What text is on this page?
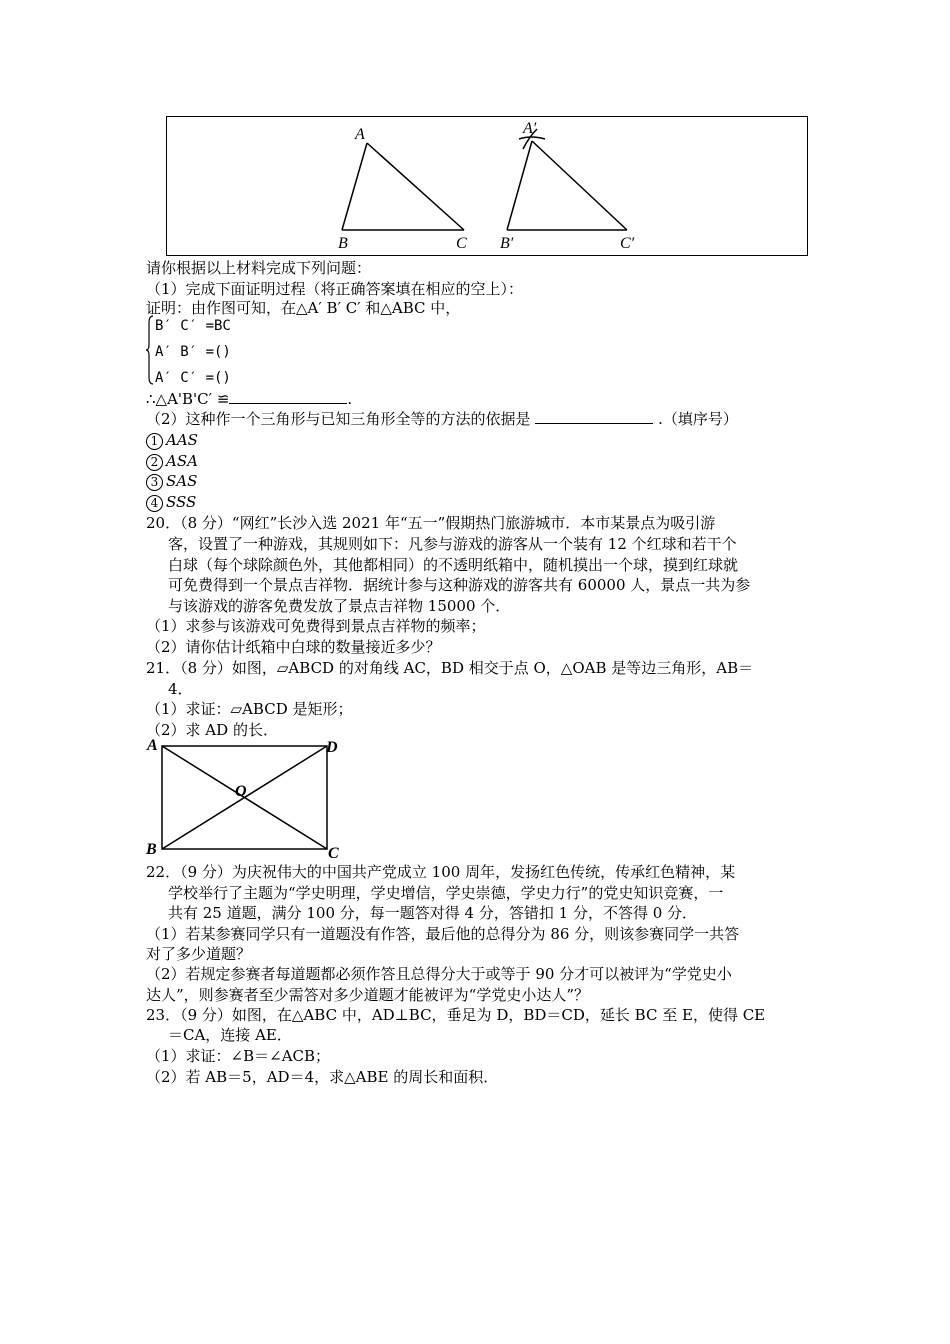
A
B	C
A′
B′	C′
请你根据以上材料完成下列问题：
（1）完成下面证明过程（将正确答案填在相应的空上）：
证明：由作图可知，在△A′ B′ C′ 和△ABC 中，
B′ C′ =BC
A′ B′ =()
A′ C′ =()
∴△A'B'C′ ≌	.
（2）这种作一个三角形与已知三角形全等的方法的依据是	.（填序号）
1 AAS
2 ASA
3 SAS
4 SSS
20．（8 分）“网红”长沙入选 2021 年“五一”假期热门旅游城市．本市某景点为吸引游
客，设置了一种游戏，其规则如下：凡参与游戏的游客从一个装有 12 个红球和若干个
白球（每个球除颜色外，其他都相同）的不透明纸箱中，随机摸出一个球，摸到红球就
可免费得到一个景点吉祥物．据统计参与这种游戏的游客共有 60000 人，景点一共为参
与该游戏的游客免费发放了景点吉祥物 15000 个．
（1）求参与该游戏可免费得到景点吉祥物的频率；
（2）请你估计纸箱中白球的数量接近多少？
21．（8 分）如图，▱ABCD 的对角线 AC，BD 相交于点 O，△OAB 是等边三角形，AB＝
4．
（1）求证：▱ABCD 是矩形；
（2）求 AD 的长．
A	D
O
B	C
22．（9 分）为庆祝伟大的中国共产党成立 100 周年，发扬红色传统，传承红色精神，某
学校举行了主题为“学史明理，学史增信，学史崇德，学史力行”的党史知识竞赛，一
共有 25 道题，满分 100 分，每一题答对得 4 分，答错扣 1 分，不答得 0 分．
（1）若某参赛同学只有一道题没有作答，最后他的总得分为 86 分，则该参赛同学一共答
对了多少道题？
（2）若规定参赛者每道题都必须作答且总得分大于或等于 90 分才可以被评为“学党史小
达人”，则参赛者至少需答对多少道题才能被评为“学党史小达人”？
23．（9 分）如图，在△ABC 中，AD⊥BC，垂足为 D，BD＝CD，延长 BC 至 E，使得 CE
＝CA，连接 AE．
（1）求证：∠B＝∠ACB；
（2）若 AB＝5，AD＝4，求△ABE 的周长和面积．
